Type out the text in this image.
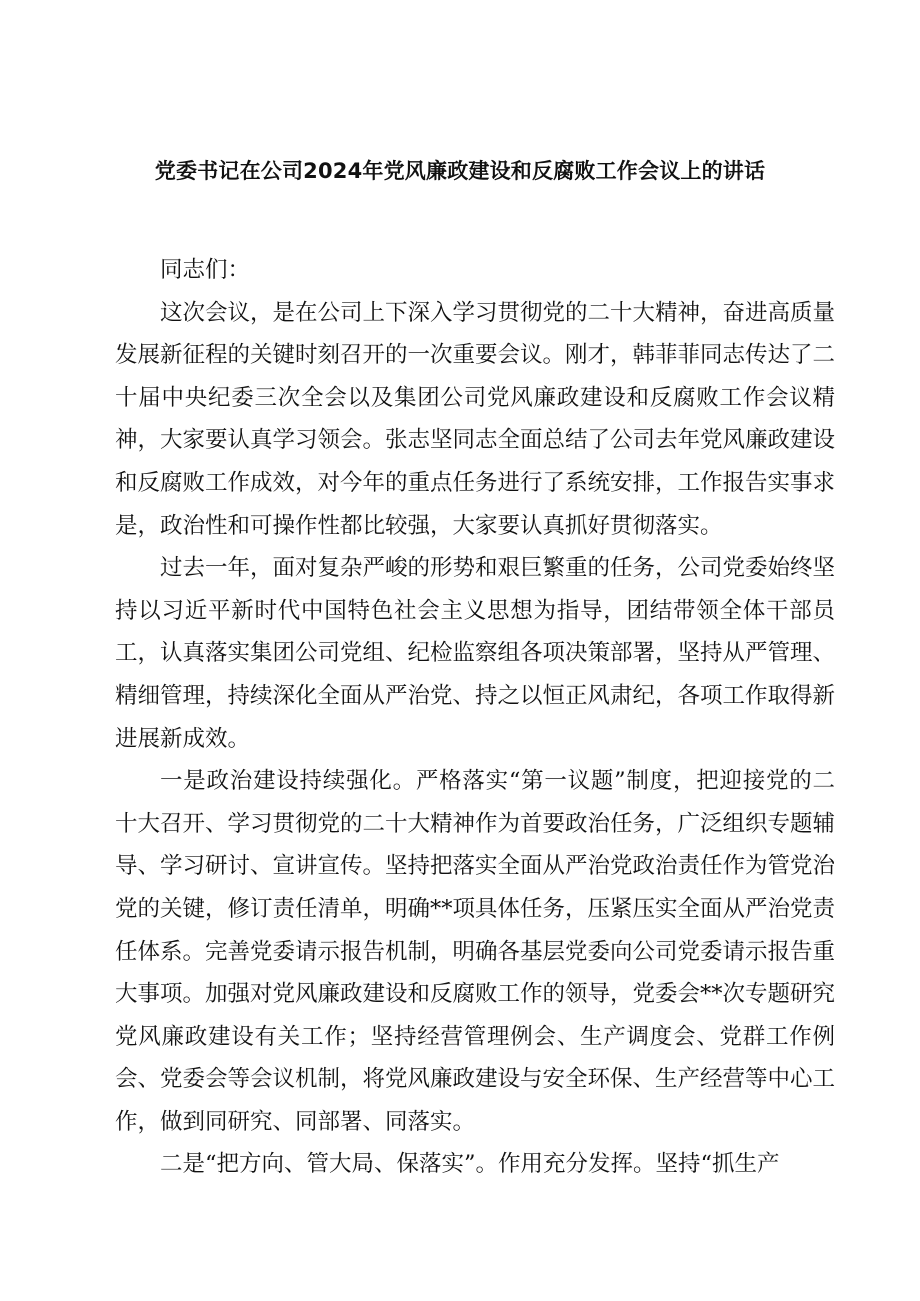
党委书记在公司2024年党风廉政建设和反腐败工作会议上的讲话

同志们：

这次会议，是在公司上下深入学习贯彻党的二十大精神，奋进高质量发展新征程的关键时刻召开的一次重要会议。刚才，韩菲菲同志传达了二十届中央纪委三次全会以及集团公司党风廉政建设和反腐败工作会议精神，大家要认真学习领会。张志坚同志全面总结了公司去年党风廉政建设和反腐败工作成效，对今年的重点任务进行了系统安排，工作报告实事求是，政治性和可操作性都比较强，大家要认真抓好贯彻落实。

过去一年，面对复杂严峻的形势和艰巨繁重的任务，公司党委始终坚持以习近平新时代中国特色社会主义思想为指导，团结带领全体干部员工，认真落实集团公司党组、纪检监察组各项决策部署，坚持从严管理、精细管理，持续深化全面从严治党、持之以恒正风肃纪，各项工作取得新进展新成效。

一是政治建设持续强化。严格落实“第一议题”制度，把迎接党的二十大召开、学习贯彻党的二十大精神作为首要政治任务，广泛组织专题辅导、学习研讨、宣讲宣传。坚持把落实全面从严治党政治责任作为管党治党的关键，修订责任清单，明确**项具体任务，压紧压实全面从严治党责任体系。完善党委请示报告机制，明确各基层党委向公司党委请示报告重大事项。加强对党风廉政建设和反腐败工作的领导，党委会**次专题研究党风廉政建设有关工作；坚持经营管理例会、生产调度会、党群工作例会、党委会等会议机制，将党风廉政建设与安全环保、生产经营等中心工作，做到同研究、同部署、同落实。

二是“把方向、管大局、保落实”。作用充分发挥。坚持“抓生产
